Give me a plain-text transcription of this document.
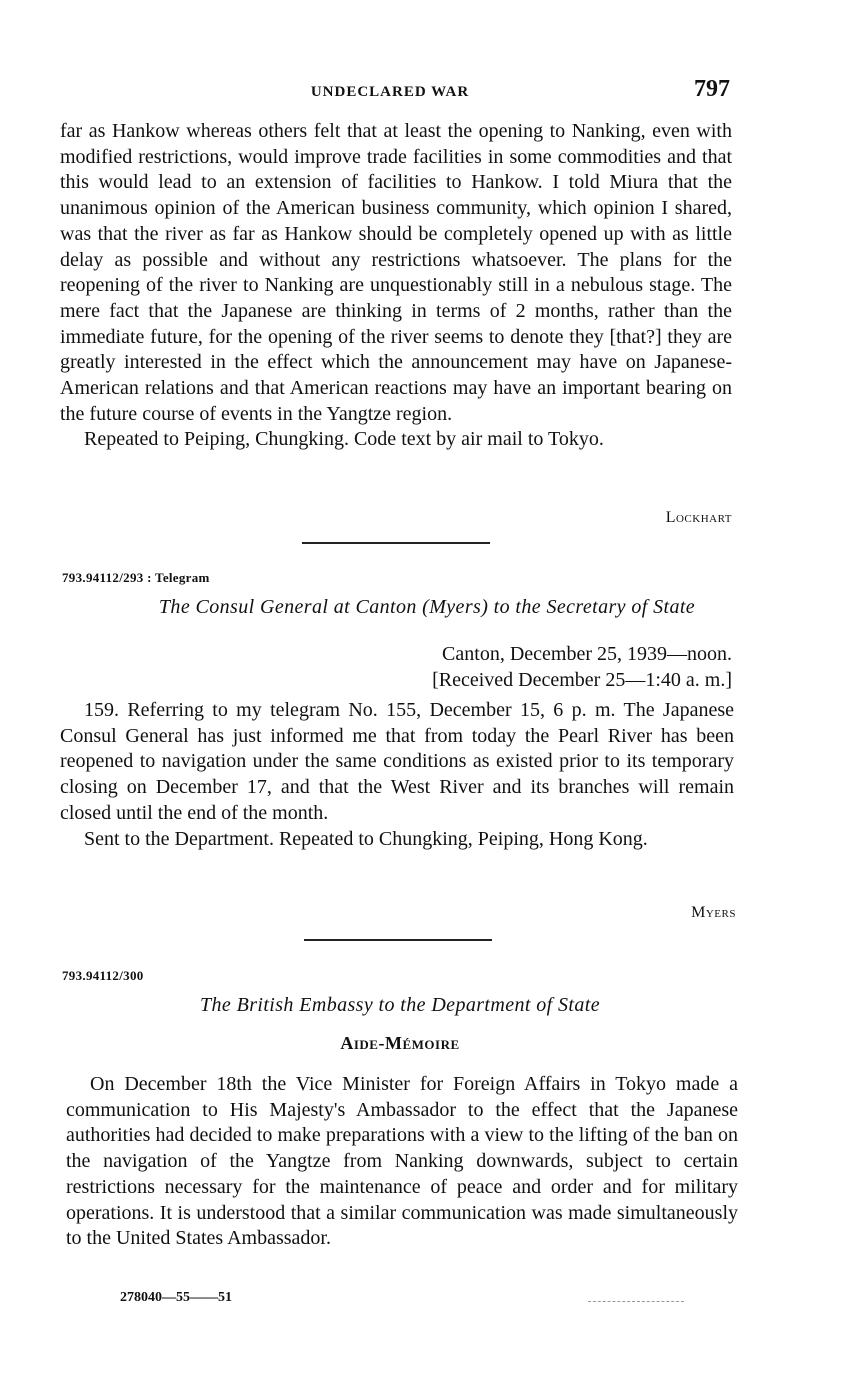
UNDECLARED WAR	797

far as Hankow whereas others felt that at least the opening to Nanking, even with modified restrictions, would improve trade facilities in some commodities and that this would lead to an extension of facilities to Hankow. I told Miura that the unanimous opinion of the American business community, which opinion I shared, was that the river as far as Hankow should be completely opened up with as little delay as possible and without any restrictions whatsoever. The plans for the reopening of the river to Nanking are unquestionably still in a nebulous stage. The mere fact that the Japanese are thinking in terms of 2 months, rather than the immediate future, for the opening of the river seems to denote they [that?] they are greatly interested in the effect which the announcement may have on Japanese-American relations and that American reactions may have an important bearing on the future course of events in the Yangtze region.

Repeated to Peiping, Chungking. Code text by air mail to Tokyo.

Lockhart
793.94112/293 : Telegram
The Consul General at Canton (Myers) to the Secretary of State
Canton, December 25, 1939—noon.
[Received December 25—1:40 a. m.]

159. Referring to my telegram No. 155, December 15, 6 p. m. The Japanese Consul General has just informed me that from today the Pearl River has been reopened to navigation under the same conditions as existed prior to its temporary closing on December 17, and that the West River and its branches will remain closed until the end of the month.

Sent to the Department. Repeated to Chungking, Peiping, Hong Kong.

Myers
793.94112/300
The British Embassy to the Department of State
Aide-Mémoire

On December 18th the Vice Minister for Foreign Affairs in Tokyo made a communication to His Majesty's Ambassador to the effect that the Japanese authorities had decided to make preparations with a view to the lifting of the ban on the navigation of the Yangtze from Nanking downwards, subject to certain restrictions necessary for the maintenance of peace and order and for military operations. It is understood that a similar communication was made simultaneously to the United States Ambassador.

278040—55——51
